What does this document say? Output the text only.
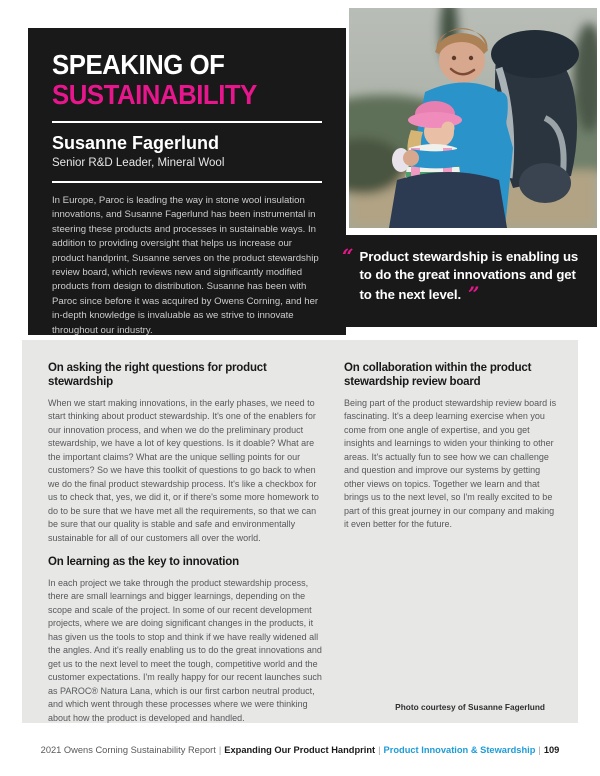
SPEAKING OF
SUSTAINABILITY
Susanne Fagerlund
Senior R&D Leader, Mineral Wool
In Europe, Paroc is leading the way in stone wool insulation innovations, and Susanne Fagerlund has been instrumental in steering these products and processes in sustainable ways. In addition to providing oversight that helps us increase our product handprint, Susanne serves on the product stewardship review board, which reviews new and significantly modified products from design to distribution. Susanne has been with Paroc since before it was acquired by Owens Corning, and her in-depth knowledge is invaluable as we strive to innovate throughout our industry.
“ Product stewardship is enabling us to do the great innovations and get to the next level. ”
On asking the right questions for product stewardship

When we start making innovations, in the early phases, we need to start thinking about product stewardship. It's one of the enablers for our innovation process, and when we do the preliminary product stewardship, we have a lot of key questions. Is it doable? What are the important claims? What are the unique selling points for our customers? So we have this toolkit of questions to go back to when we do the final product stewardship process. It's like a checkbox for us to check that, yes, we did it, or if there's some more homework to do to be sure that we have met all the requirements, so that we can be sure that our quality is stable and safe and environmentally sustainable for all of our customers all over the world.

On learning as the key to innovation

In each project we take through the product stewardship process, there are small learnings and bigger learnings, depending on the scope and scale of the project. In some of our recent development projects, where we are doing significant changes in the products, it has given us the tools to stop and think if we have really widened all the angles. And it's really enabling us to do the great innovations and get us to the next level to meet the tough, competitive world and the customer expectations. I'm really happy for our recent launches such as PAROC® Natura Lana, which is our first carbon neutral product, and which went through these processes where we were thinking about how the product is developed and handled.

On collaboration within the product stewardship review board

Being part of the product stewardship review board is fascinating. It's a deep learning exercise when you come from one angle of expertise, and you get insights and learnings to widen your thinking to other areas. It's actually fun to see how we can challenge and question and improve our systems by getting other views on topics. Together we learn and that brings us to the next level, so I'm really excited to be part of this great journey in our company and making it even better for the future.

Photo courtesy of Susanne Fagerlund
2021 Owens Corning Sustainability Report | Expanding Our Product Handprint | Product Innovation & Stewardship | 109
